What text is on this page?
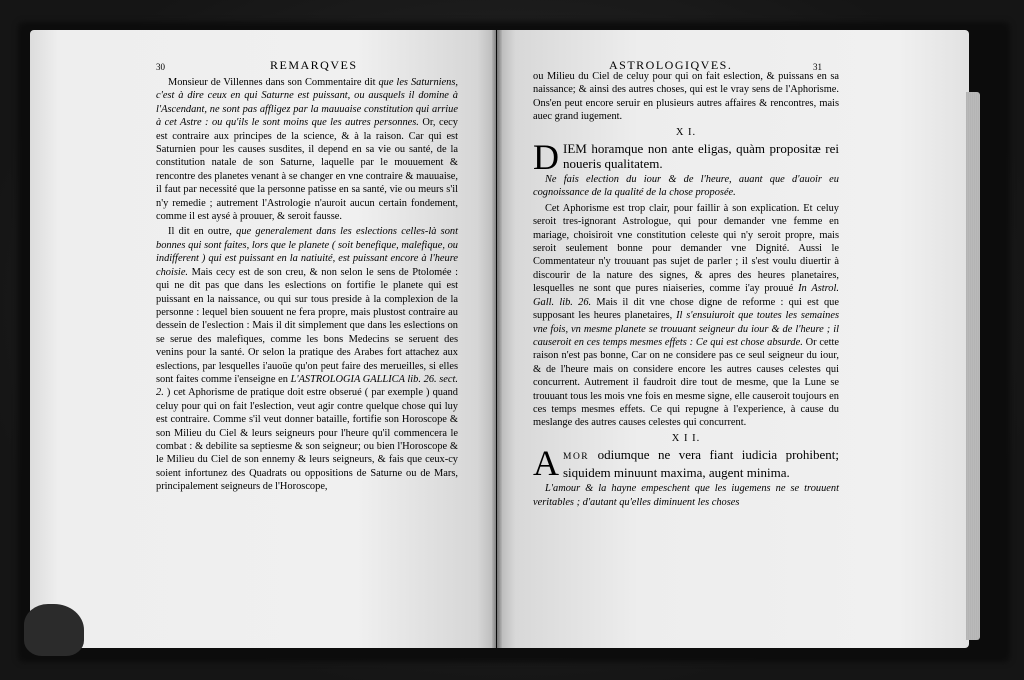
30	REMARQVES

Monsieur de Villennes dans son Commentaire dit que les Saturniens, c'est à dire ceux en qui Saturne est puissant, ou ausquels il domine à l'Ascendant, ne sont pas affligez par la mauuaise constitution qui arriue à cet Astre : ou qu'ils le sont moins que les autres personnes. Or, cecy est contraire aux principes de la science, & à la raison. Car qui est Saturnien pour les causes susdites, il depend en sa vie ou santé, de la constitution natale de son Saturne, laquelle par le mouuement & rencontre des planetes venant à se changer en vne contraire & mauuaise, il faut par necessité que la personne patisse en sa santé, vie ou meurs s'il n'y remedie ; autrement l'Astrologie n'auroit aucun certain fondement, comme il est aysé à prouuer, & seroit fausse.

Il dit en outre, que generalement dans les eslections celles-là sont bonnes qui sont faites, lors que le planete ( soit benefique, malefique, ou indifferent ) qui est puissant en la natiuité, est puissant encore à l'heure choisie. Mais cecy est de son creu, & non selon le sens de Ptolomée : qui ne dit pas que dans les eslections on fortifie le planete qui est puissant en la naissance, ou qui sur tous preside à la complexion de la personne : lequel bien souuent ne fera propre, mais plustost contraire au dessein de l'eslection : Mais il dit simplement que dans les eslections on se serue des malefiques, comme les bons Medecins se seruent des venins pour la santé. Or selon la pratique des Arabes fort attachez aux eslections, par lesquelles i'auoüe qu'on peut faire des merueilles, si elles sont faites comme i'enseigne en L'ASTROLOGIA GALLICA lib. 26. sect. 2. ) cet Aphorisme de pratique doit estre obserué ( par exemple ) quand celuy pour qui on fait l'eslection, veut agir contre quelque chose qui luy est contraire. Comme s'il veut donner bataille, fortifie son Horoscope & son Milieu du Ciel & leurs seigneurs pour l'heure qu'il commencera le combat : & debilite sa septiesme & son seigneur; ou bien l'Horoscope & le Milieu du Ciel de son ennemy & leurs seigneurs, & fais que ceux-cy soient infortunez des Quadrats ou oppositions de Saturne ou de Mars, principalement seigneurs de l'Horoscope,

ASTROLOGIQVES.	31

ou Milieu du Ciel de celuy pour qui on fait eslection, & puissans en sa naissance; & ainsi des autres choses, qui est le vray sens de l'Aphorisme. Ons'en peut encore seruir en plusieurs autres affaires & rencontres, mais auec grand iugement.

X I.

DIEM horamque non ante eligas, quàm propositæ rei noueris qualitatem.

Ne fais election du iour & de l'heure, auant que d'auoir eu cognoissance de la qualité de la chose proposée.

Cet Aphorisme est trop clair, pour faillir à son explication. Et celuy seroit tres-ignorant Astrologue, qui pour demander vne femme en mariage, choisiroit vne constitution celeste qui n'y seroit propre, mais seroit seulement bonne pour demander vne Dignité. Aussi le Commentateur n'y trouuant pas sujet de parler ; il s'est voulu diuertir à discourir de la nature des signes, & apres des heures planetaires, lesquelles ne sont que pures niaiseries, comme i'ay prouué In Astrol. Gall. lib. 26. Mais il dit vne chose digne de reforme : qui est que supposant les heures planetaires, Il s'ensuiuroit que toutes les semaines vne fois, vn mesme planete se trouuant seigneur du iour & de l'heure ; il causeroit en ces temps mesmes effets : Ce qui est chose absurde. Or cette raison n'est pas bonne, Car on ne considere pas ce seul seigneur du iour, & de l'heure mais on considere encore les autres causes celestes qui concurrent. Autrement il faudroit dire tout de mesme, que la Lune se trouuant tous les mois vne fois en mesme signe, elle causeroit toujours en ces temps mesmes effets. Ce qui repugne à l'experience, à cause du meslange des autres causes celestes qui concurrent.

X I I.

AMOR odiumque ne vera fiant iudicia prohibent; siquidem minuunt maxima, augent minima.

L'amour & la hayne empeschent que les iugemens ne se trouuent veritables ; d'autant qu'elles diminuent les choses
